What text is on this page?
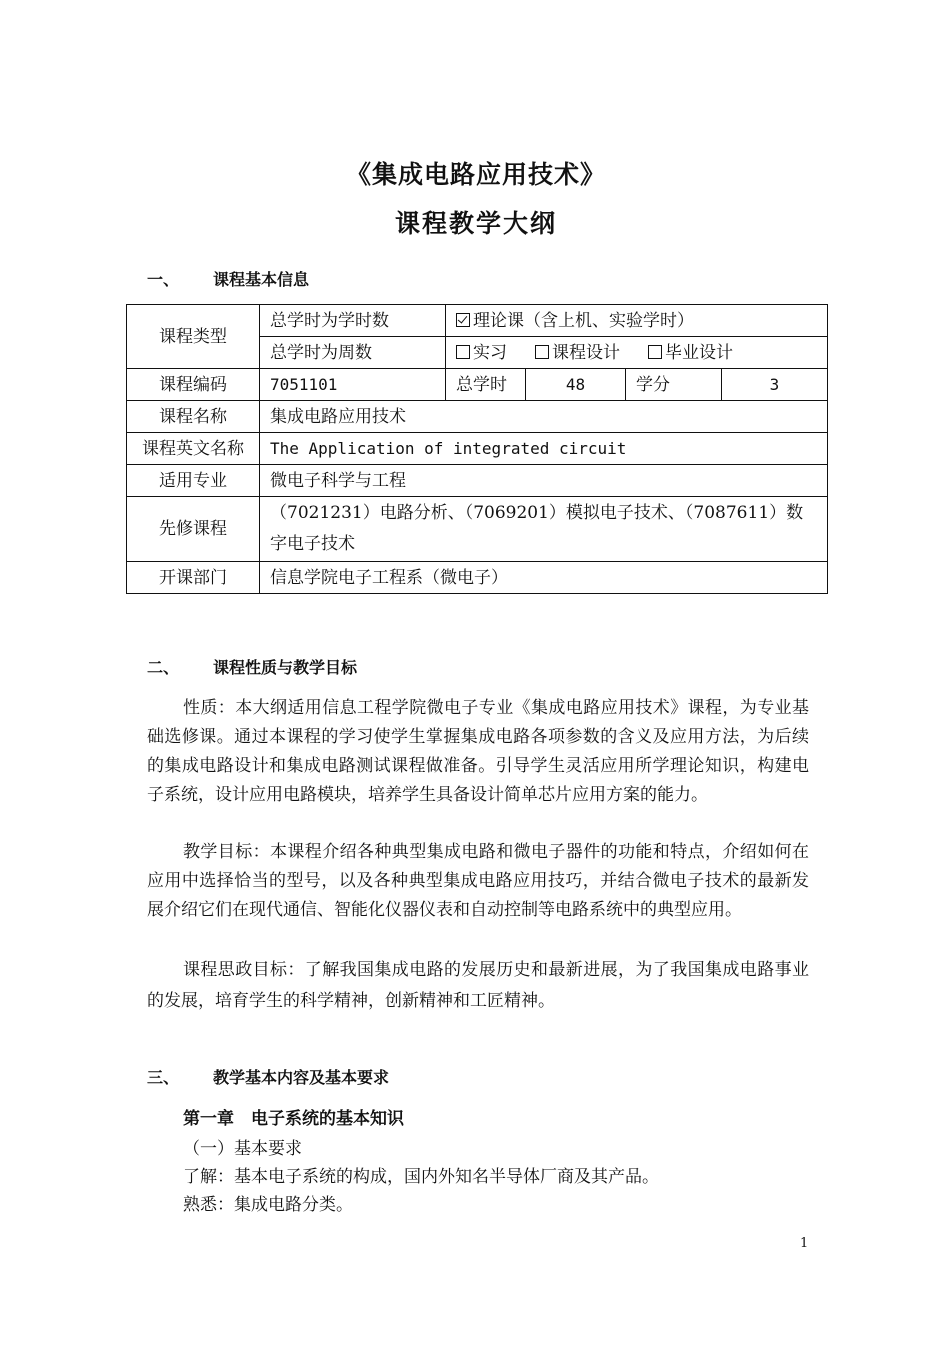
《集成电路应用技术》
课程教学大纲
一、 课程基本信息
课程类型	总学时为学时数	理论课（含上机、实验学时）			
	总学时为周数	实习 课程设计 毕业设计			
课程编码	7051101	总学时	48	学分	3
课程名称	集成电路应用技术				
课程英文名称	The Application of integrated circuit				
适用专业	微电子科学与工程				
先修课程	（7021231）电路分析、（7069201）模拟电子技术、（7087611）数
字电子技术				

开课部门	信息学院电子工程系（微电子）				
二、 课程性质与教学目标
性质：本大纲适用信息工程学院微电子专业《集成电路应用技术》课程，为专业基础选修课。通过本课程的学习使学生掌握集成电路各项参数的含义及应用方法，为后续的集成电路设计和集成电路测试课程做准备。引导学生灵活应用所学理论知识，构建电子系统，设计应用电路模块，培养学生具备设计简单芯片应用方案的能力。
教学目标：本课程介绍各种典型集成电路和微电子器件的功能和特点，介绍如何在应用中选择恰当的型号，以及各种典型集成电路应用技巧，并结合微电子技术的最新发展介绍它们在现代通信、智能化仪器仪表和自动控制等电路系统中的典型应用。
课程思政目标：了解我国集成电路的发展历史和最新进展，为了我国集成电路事业的发展，培育学生的科学精神，创新精神和工匠精神。
三、 教学基本内容及基本要求
第一章　电子系统的基本知识
（一）基本要求
了解：基本电子系统的构成，国内外知名半导体厂商及其产品。
熟悉：集成电路分类。
1
